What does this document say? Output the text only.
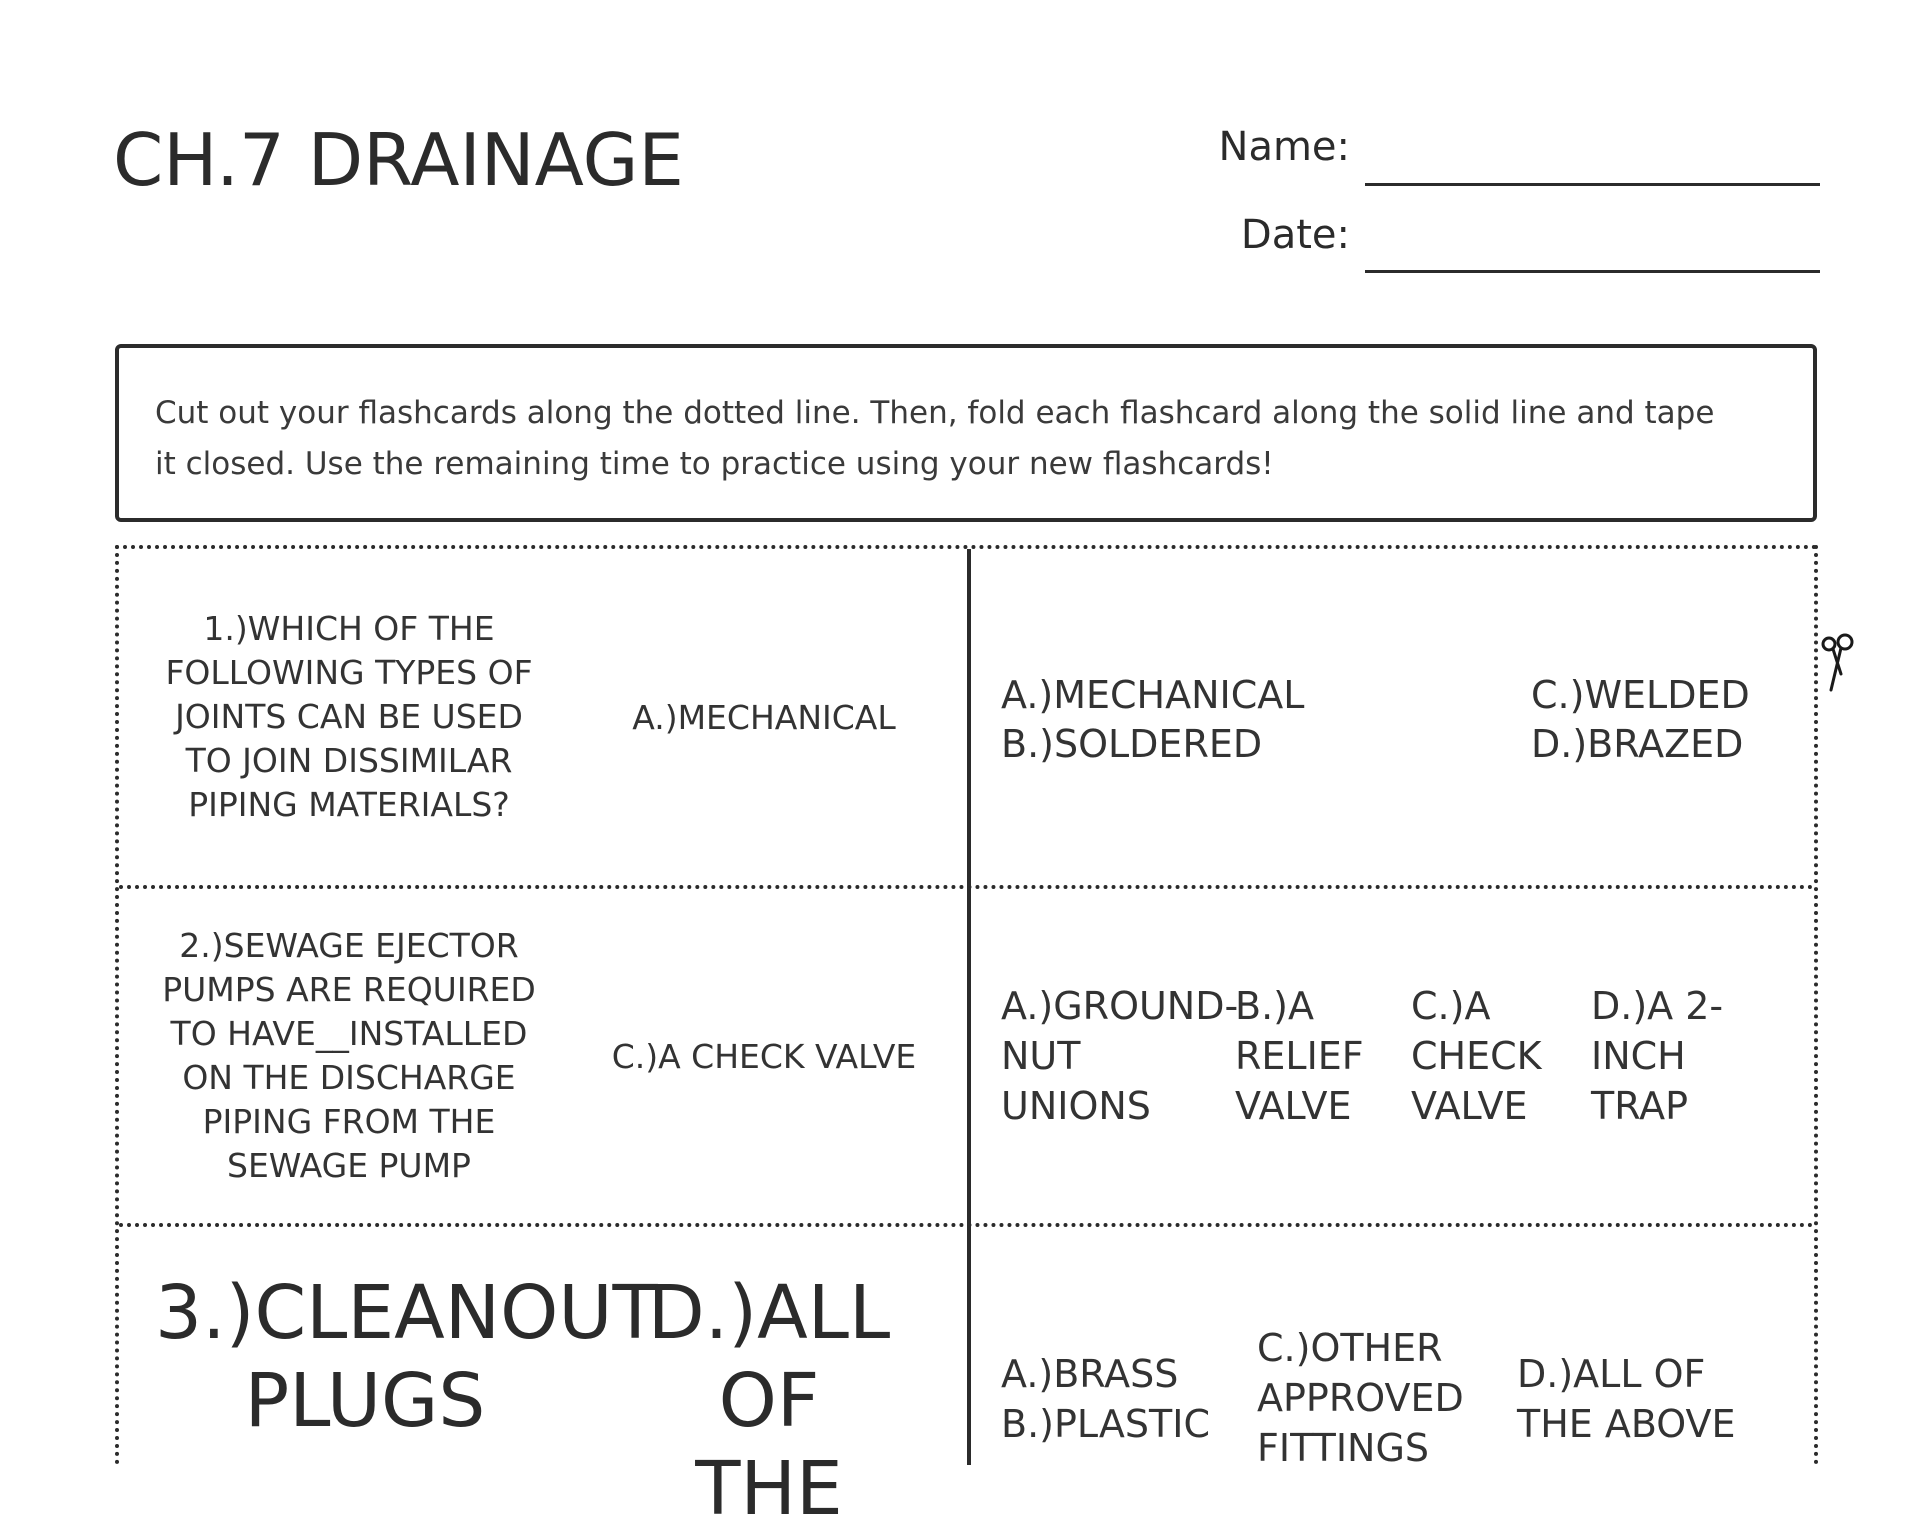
CH.7 DRAINAGE	Name:
Date:
Cut out your flashcards along the dotted line. Then, fold each flashcard along the solid line and tape
it closed. Use the remaining time to practice using your new flashcards!
1.)WHICH OF THE
FOLLOWING TYPES OF
JOINTS CAN BE USED
TO JOIN DISSIMILAR
PIPING MATERIALS?
A.)MECHANICAL	A.)MECHANICAL
B.)SOLDERED
C.)WELDED
D.)BRAZED
2.)SEWAGE EJECTOR
PUMPS ARE REQUIRED
TO HAVE__INSTALLED
ON THE DISCHARGE
PIPING FROM THE
SEWAGE PUMP
C.)A CHECK VALVE
A.)GROUND-
NUT
UNIONS
B.)A
RELIEF
VALVE
C.)A
CHECK
VALVE
D.)A 2-
INCH
TRAP
3.)CLEANOUT
PLUGS
D.)ALL OF
THE
A.)BRASS
B.)PLASTIC
C.)OTHER
APPROVED
FITTINGS
D.)ALL OF
THE ABOVE
